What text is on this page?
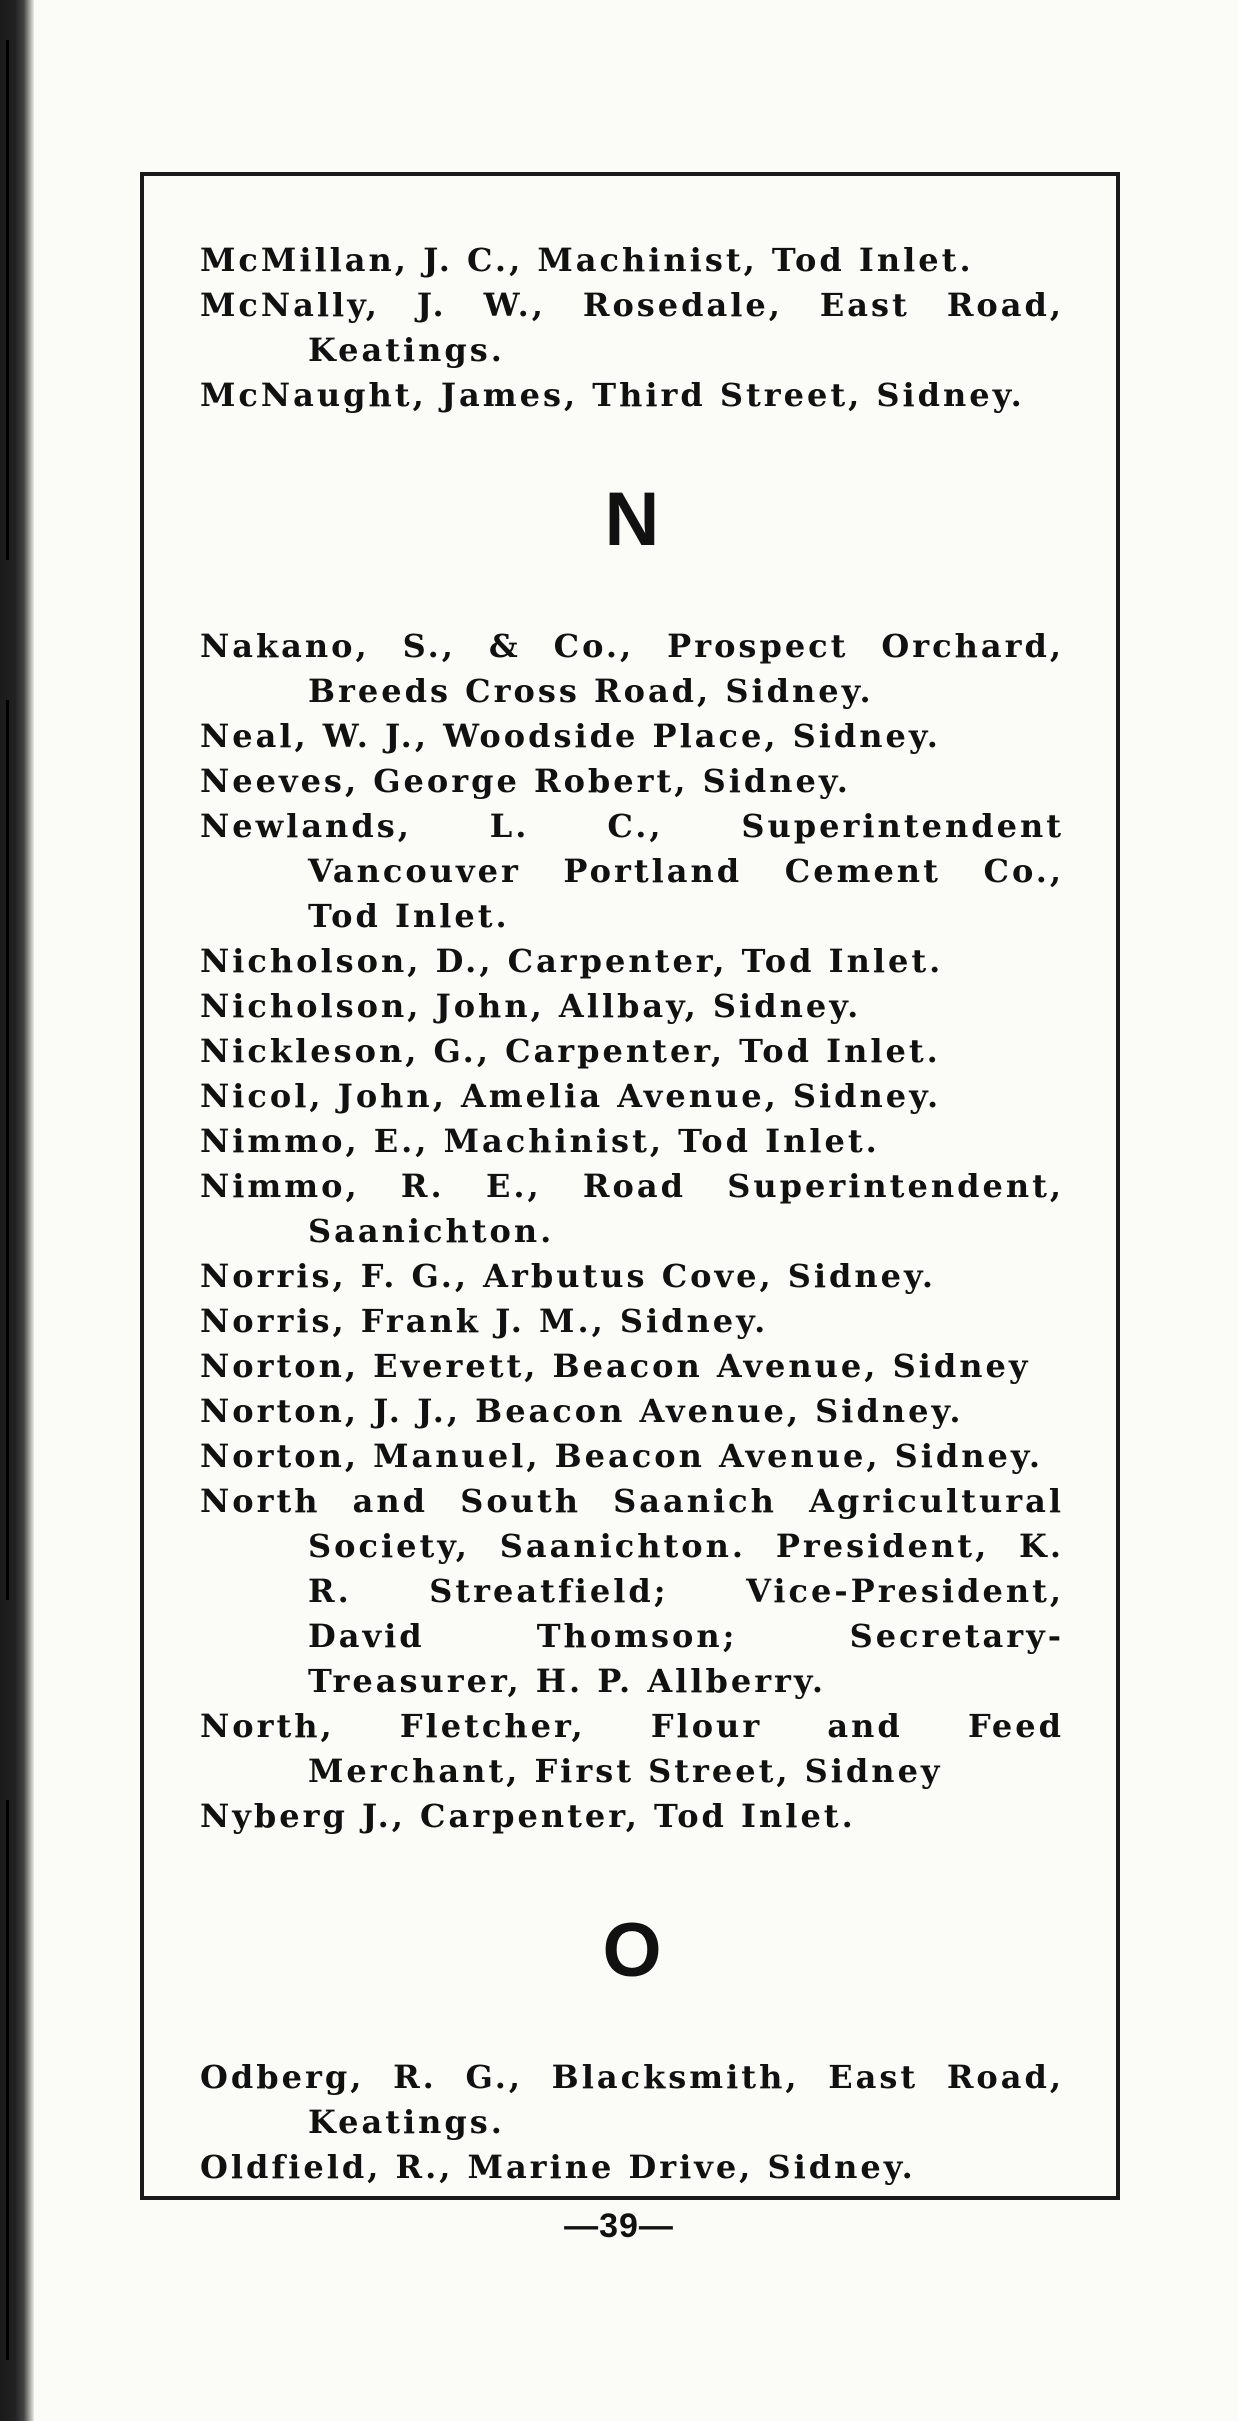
McMillan, J. C., Machinist, Tod Inlet.

McNally, J. W., Rosedale, East Road, Keatings.

McNaught, James, Third Street, Sidney.

N

Nakano, S., & Co., Prospect Orchard, Breeds Cross Road, Sidney.

Neal, W. J., Woodside Place, Sidney.

Neeves, George Robert, Sidney.

Newlands, L. C., Superintendent Vancouver Portland Cement Co., Tod Inlet.

Nicholson, D., Carpenter, Tod Inlet.

Nicholson, John, Allbay, Sidney.

Nickleson, G., Carpenter, Tod Inlet.

Nicol, John, Amelia Avenue, Sidney.

Nimmo, E., Machinist, Tod Inlet.

Nimmo, R. E., Road Superintendent, Saanichton.

Norris, F. G., Arbutus Cove, Sidney.

Norris, Frank J. M., Sidney.

Norton, Everett, Beacon Avenue, Sidney

Norton, J. J., Beacon Avenue, Sidney.

Norton, Manuel, Beacon Avenue, Sidney.

North and South Saanich Agricultural Society, Saanichton. President, K. R. Streatfield; Vice-President, David Thomson; Secretary-Treasurer, H. P. Allberry.

North, Fletcher, Flour and Feed Merchant, First Street, Sidney

Nyberg J., Carpenter, Tod Inlet.

O

Odberg, R. G., Blacksmith, East Road, Keatings.

Oldfield, R., Marine Drive, Sidney.

—39—
